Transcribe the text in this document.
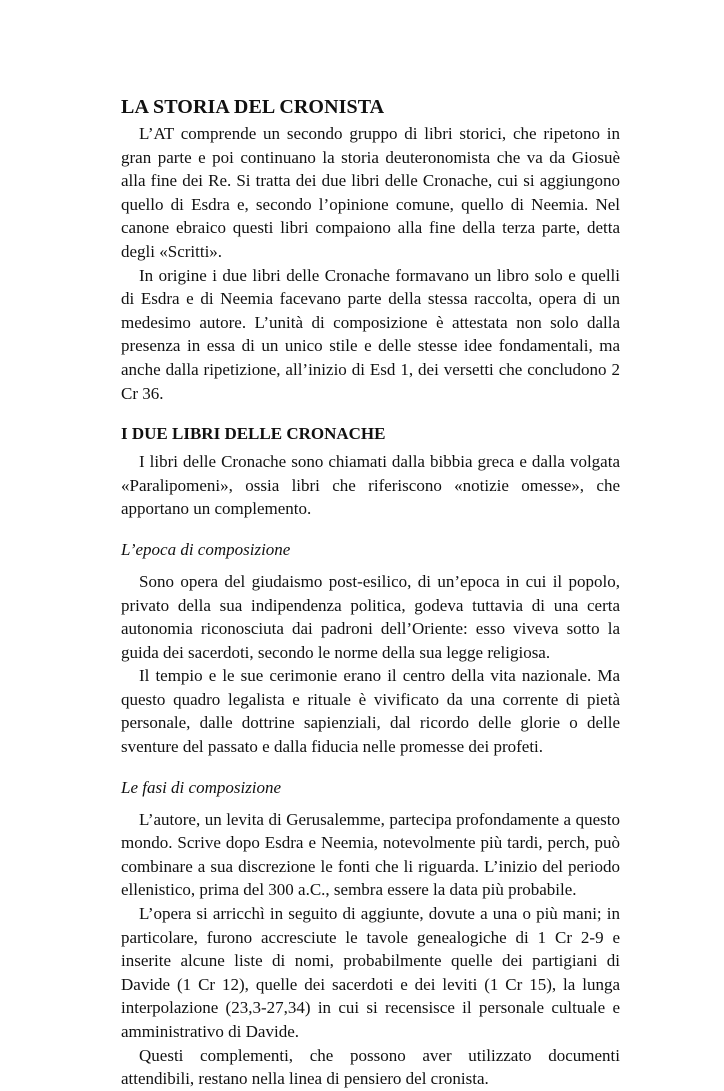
LA STORIA DEL CRONISTA

L’AT comprende un secondo gruppo di libri storici, che ripetono in gran parte e poi continuano la storia deuteronomista che va da Giosuè alla fine dei Re. Si tratta dei due libri delle Cronache, cui si aggiungono quello di Esdra e, secondo l’opinione comune, quello di Neemia. Nel canone ebraico questi libri compaiono alla fine della terza parte, detta degli «Scritti».

In origine i due libri delle Cronache formavano un libro solo e quelli di Esdra e di Neemia facevano parte della stessa raccolta, opera di un medesimo autore. L’unità di composizione è attestata non solo dalla presenza in essa di un unico stile e delle stesse idee fondamentali, ma anche dalla ripetizione, all’inizio di Esd 1, dei versetti che concludono 2 Cr 36.

I DUE LIBRI DELLE CRONACHE

I libri delle Cronache sono chiamati dalla bibbia greca e dalla volgata «Paralipomeni», ossia libri che riferiscono «notizie omesse», che apportano un complemento.

L’epoca di composizione

Sono opera del giudaismo post-esilico, di un’epoca in cui il popolo, privato della sua indipendenza politica, godeva tuttavia di una certa autonomia riconosciuta dai padroni dell’Oriente: esso viveva sotto la guida dei sacerdoti, secondo le norme della sua legge religiosa.

Il tempio e le sue cerimonie erano il centro della vita nazionale. Ma questo quadro legalista e rituale è vivificato da una corrente di pietà personale, dalle dottrine sapienziali, dal ricordo delle glorie o delle sventure del passato e dalla fiducia nelle promesse dei profeti.

Le fasi di composizione

L’autore, un levita di Gerusalemme, partecipa profondamente a questo mondo. Scrive dopo Esdra e Neemia, notevolmente più tardi, perch, può combinare a sua discrezione le fonti che li riguarda. L’inizio del periodo ellenistico, prima del 300 a.C., sembra essere la data più probabile.

L’opera si arricchì in seguito di aggiunte, dovute a una o più mani; in particolare, furono accresciute le tavole genealogiche di 1 Cr 2-9 e inserite alcune liste di nomi, probabilmente quelle dei partigiani di Davide (1 Cr 12), quelle dei sacerdoti e dei leviti (1 Cr 15), la lunga interpolazione (23,3-27,34) in cui si recensisce il personale cultuale e amministrativo di Davide.

Questi complementi, che possono aver utilizzato documenti attendibili, restano nella linea di pensiero del cronista.
